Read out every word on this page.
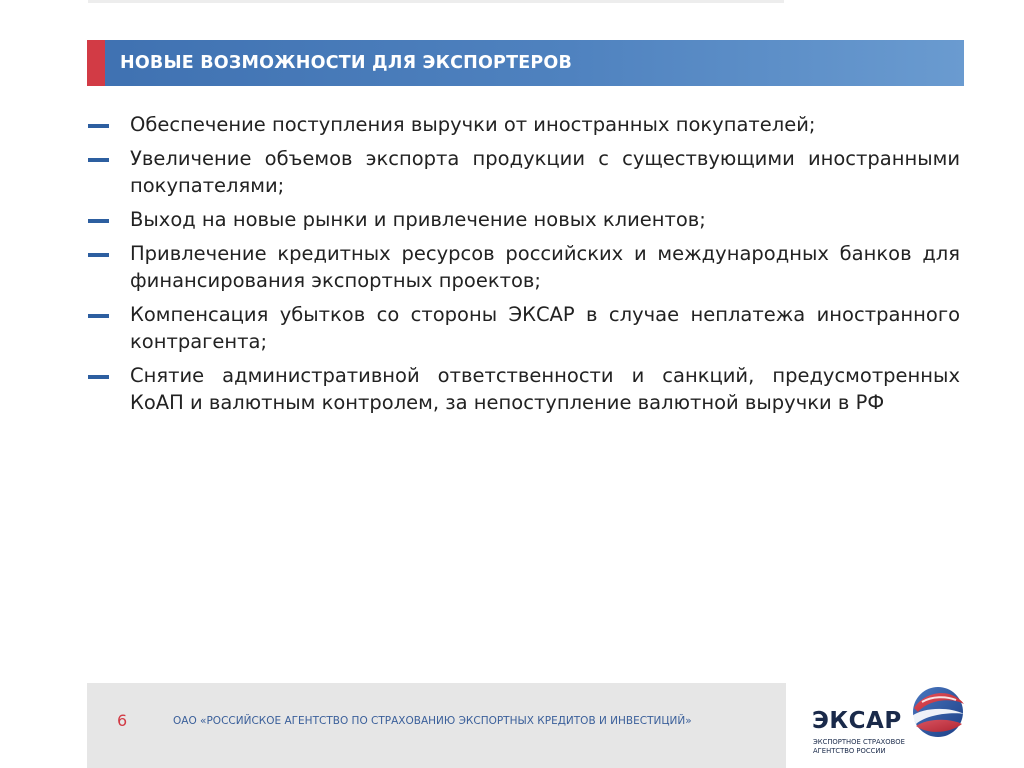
НОВЫЕ ВОЗМОЖНОСТИ ДЛЯ ЭКСПОРТЕРОВ
Обеспечение поступления выручки от иностранных покупателей;
Увеличение объемов экспорта продукции с существующими иностранными покупателями;
Выход на новые рынки и привлечение новых клиентов;
Привлечение кредитных ресурсов российских и международных банков для финансирования экспортных проектов;
Компенсация убытков со стороны ЭКСАР в случае неплатежа иностранного контрагента;
Снятие административной ответственности и санкций, предусмотренных КоАП и валютным контролем, за непоступление валютной выручки в РФ
6	ОАО «РОССИЙСКОЕ АГЕНТСТВО ПО СТРАХОВАНИЮ ЭКСПОРТНЫХ КРЕДИТОВ И ИНВЕСТИЦИЙ»	ЭКСАР
ЭКСПОРТНОЕ СТРАХОВОЕ
АГЕНТСТВО РОССИИ
